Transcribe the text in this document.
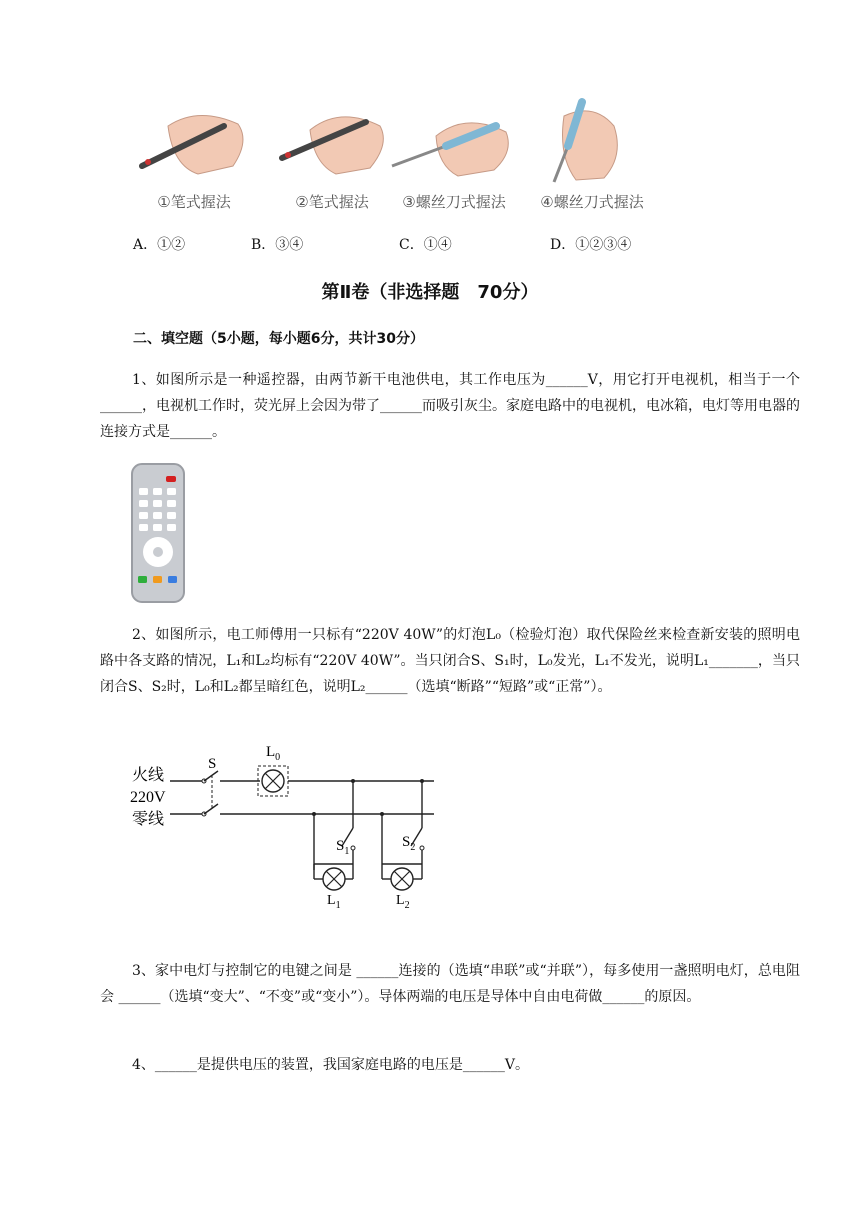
①笔式握法	②笔式握法	③螺丝刀式握法	④螺丝刀式握法
A．①②	B．③④	C．①④	D．①②③④
第Ⅱ卷（非选择题　70分）
二、填空题（5小题，每小题6分，共计30分）
1、如图所示是一种遥控器，由两节新干电池供电，其工作电压为______V，用它打开电视机，相当于一个______，电视机工作时，荧光屏上会因为带了______而吸引灰尘。家庭电路中的电视机，电冰箱，电灯等用电器的连接方式是______。
2、如图所示，电工师傅用一只标有“220V 40W”的灯泡L₀（检验灯泡）取代保险丝来检查新安装的照明电路中各支路的情况，L₁和L₂均标有“220V 40W”。当只闭合S、S₁时，L₀发光，L₁不发光，说明L₁_______，当只闭合S、S₂时，L₀和L₂都呈暗红色，说明L₂______（选填“断路”“短路”或“正常”）。
火线
220V
零线
S
$L_0$
$S_1$
$S_2$
$L_1$	$L_2$
3、家中电灯与控制它的电键之间是 ______连接的（选填“串联”或“并联”），每多使用一盏照明电灯，总电阻会 ______（选填“变大”、“不变”或“变小”）。导体两端的电压是导体中自由电荷做______的原因。
4、______是提供电压的装置，我国家庭电路的电压是______V。
